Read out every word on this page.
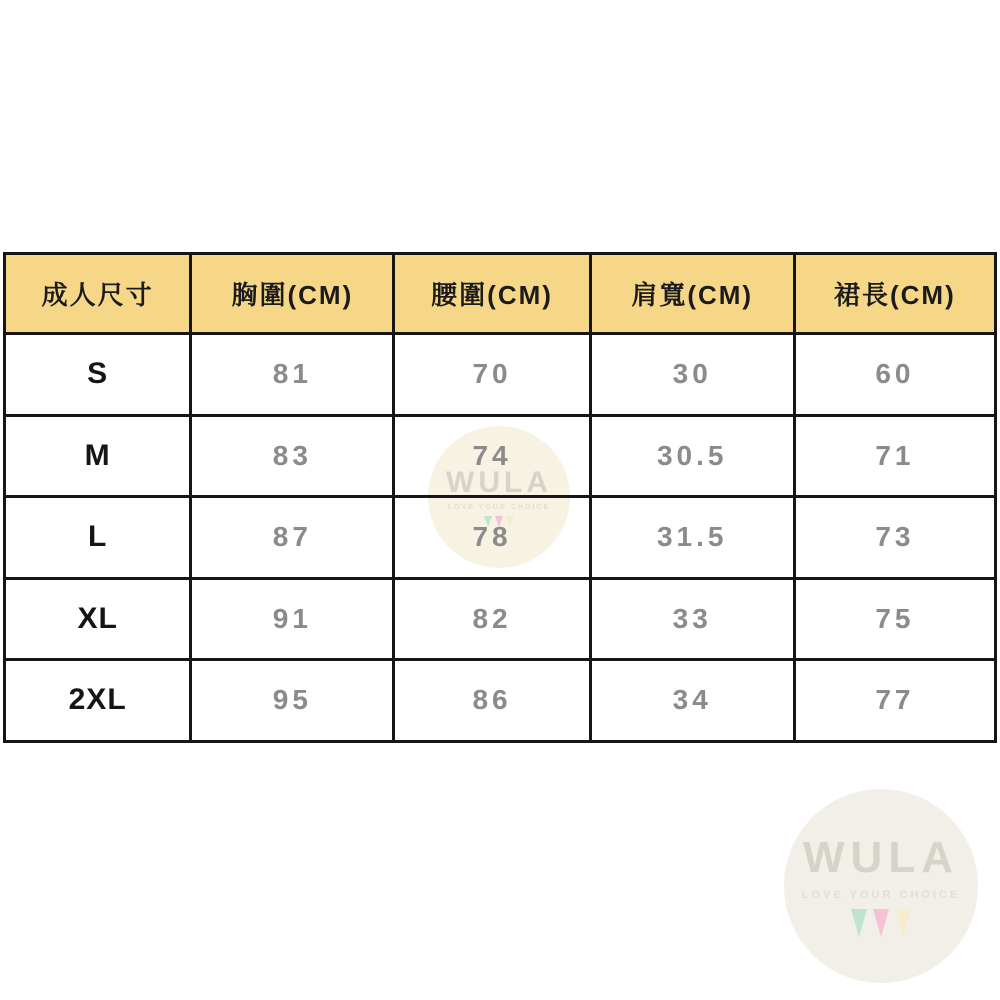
WULA
LOVE YOUR CHOICE
WULA
LOVE YOUR CHOICE
成人尺寸	胸圍(CM)	腰圍(CM)	肩寬(CM)	裙長(CM)
S	81	70	30	60
M	83	74	30.5	71
L	87	78	31.5	73
XL	91	82	33	75
2XL	95	86	34	77
